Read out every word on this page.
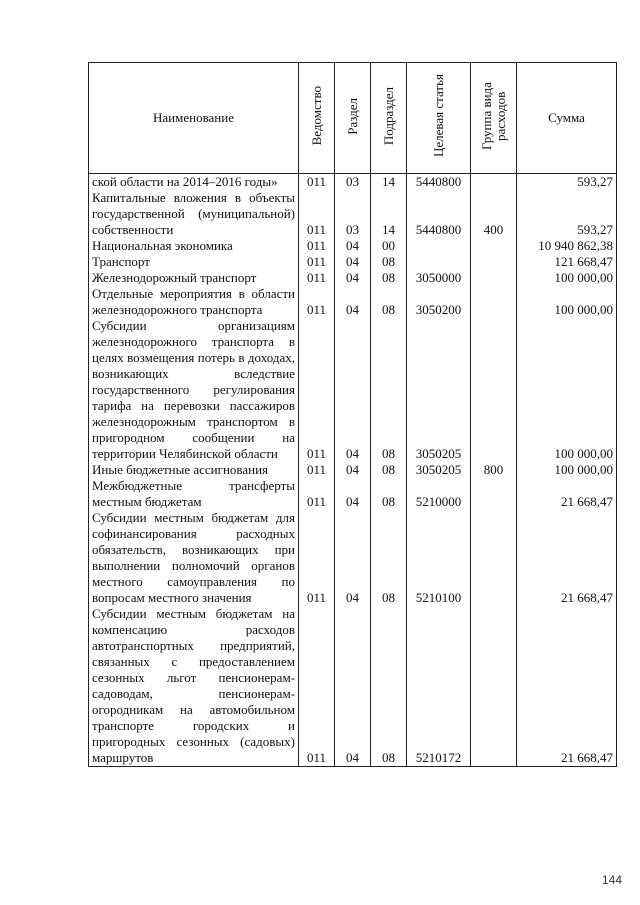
Наименование	Ведомство	Раздел	Подраздел	Целевая статья	Группа вида расходов	Сумма
ской области на 2014–2016 годы»	011	03	14	5440800		593,27
Капитальные вложения в объекты государственной (муниципальной) собственности	011	03	14	5440800	400	593,27
Национальная экономика	011	04	00			10 940 862,38
Транспорт	011	04	08			121 668,47
Железнодорожный транспорт	011	04	08	3050000		100 000,00
Отдельные мероприятия в области железнодорожного транспорта	011	04	08	3050200		100 000,00
Субсидии организациям железнодорожного транспорта в целях возмещения потерь в доходах, возникающих вследствие государственного регулирования тарифа на перевозки пассажиров железнодорожным транспортом в пригородном сообщении на территории Челябинской области	011	04	08	3050205		100 000,00
Иные бюджетные ассигнования	011	04	08	3050205	800	100 000,00
Межбюджетные трансферты местным бюджетам	011	04	08	5210000		21 668,47
Субсидии местным бюджетам для софинансирования расходных обязательств, возникающих при выполнении полномочий органов местного самоуправления по вопросам местного значения	011	04	08	5210100		21 668,47
Субсидии местным бюджетам на компенсацию расходов автотранспортных предприятий, связанных с предоставлением сезонных льгот пенсионерам-садоводам, пенсионерам-огородникам на автомобильном транспорте городских и пригородных сезонных (садовых) маршрутов	011	04	08	5210172		21 668,47
144
